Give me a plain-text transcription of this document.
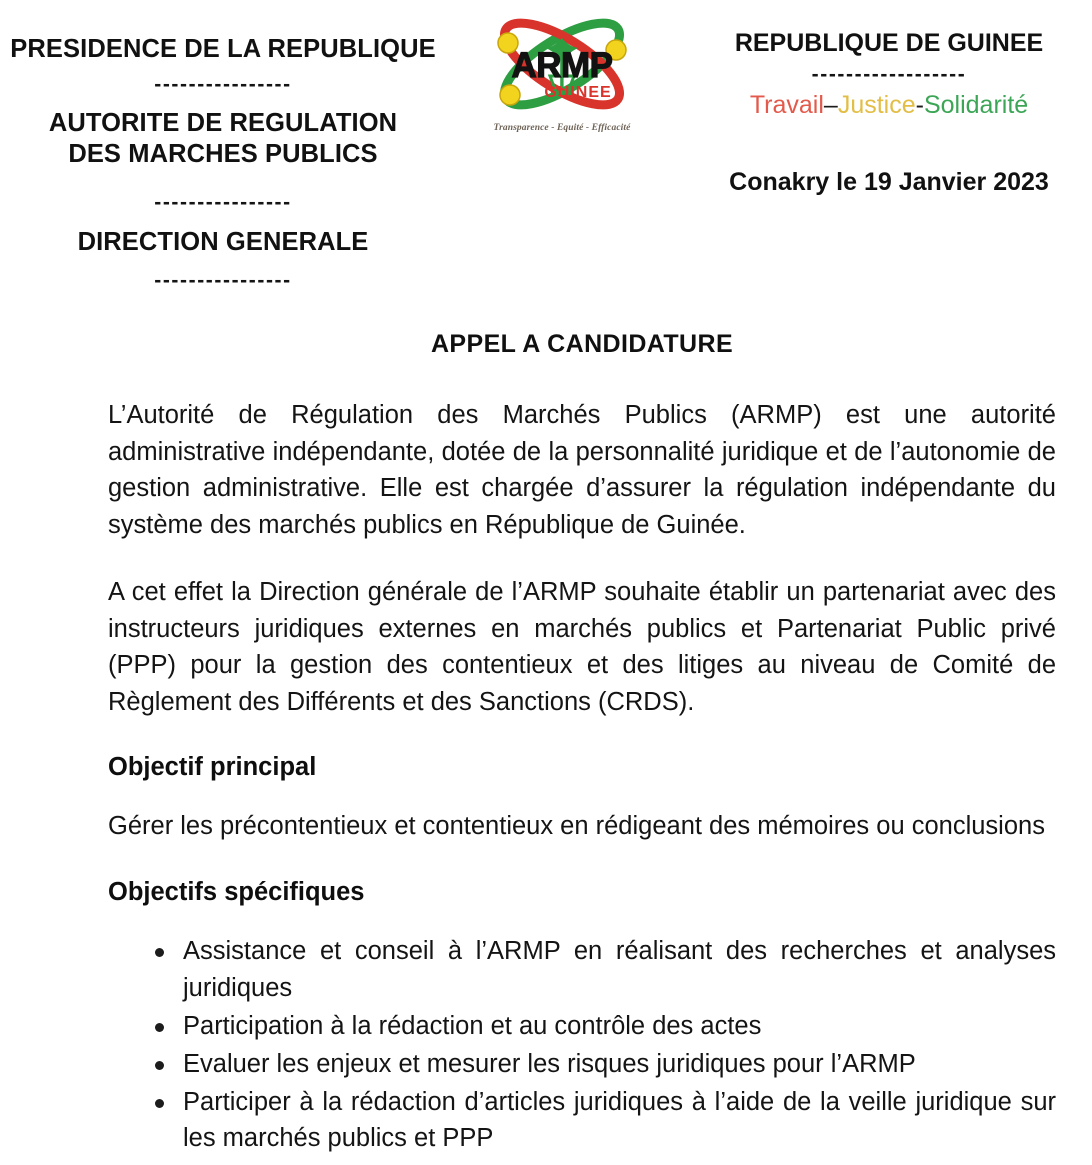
PRESIDENCE DE LA REPUBLIQUE
----------------
AUTORITE DE REGULATION
DES MARCHES PUBLICS
----------------
DIRECTION GENERALE
----------------
ARMP
GUINEE
Transparence - Equité - Efficacité
REPUBLIQUE DE GUINEE
------------------
Travail–Justice-Solidarité
Conakry le 19 Janvier 2023
APPEL A CANDIDATURE

L’Autorité de Régulation des Marchés Publics (ARMP) est une autorité administrative indépendante, dotée de la personnalité juridique et de l’autonomie de gestion administrative. Elle est chargée d’assurer la régulation indépendante du système des marchés publics en République de Guinée.

A cet effet la Direction générale de l’ARMP souhaite établir un partenariat avec des instructeurs juridiques externes en marchés publics et Partenariat Public privé (PPP) pour la gestion des contentieux et des litiges au niveau de Comité de Règlement des Différents et des Sanctions (CRDS).

Objectif principal

Gérer les précontentieux et contentieux en rédigeant des mémoires ou conclusions

Objectifs spécifiques
Assistance et conseil à l’ARMP en réalisant des recherches et analyses juridiques
Participation à la rédaction et au contrôle des actes
Evaluer les enjeux et mesurer les risques juridiques pour l’ARMP
Participer à la rédaction d’articles juridiques à l’aide de la veille juridique sur les marchés publics et PPP
